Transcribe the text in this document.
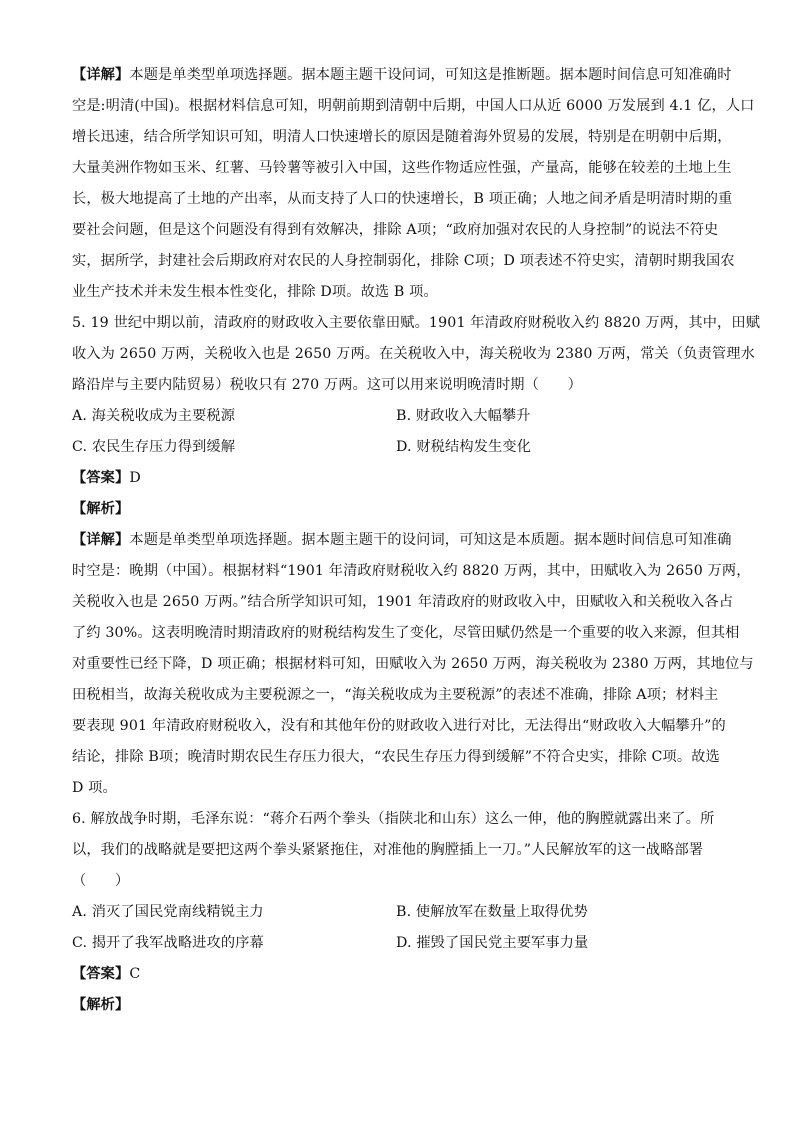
【详解】本题是单类型单项选择题。据本题主题干设问词，可知这是推断题。据本题时间信息可知准确时
空是:明清(中国)。根据材料信息可知，明朝前期到清朝中后期，中国人口从近 6000 万发展到 4.1 亿，人口
增长迅速，结合所学知识可知，明清人口快速增长的原因是随着海外贸易的发展，特别是在明朝中后期，
大量美洲作物如玉米、红薯、马铃薯等被引入中国，这些作物适应性强，产量高，能够在较差的土地上生
长，极大地提高了土地的产出率，从而支持了人口的快速增长，B 项正确；人地之间矛盾是明清时期的重
要社会问题，但是这个问题没有得到有效解决，排除 A项；“政府加强对农民的人身控制”的说法不符史
实，据所学，封建社会后期政府对农民的人身控制弱化，排除 C项；D 项表述不符史实，清朝时期我国农
业生产技术并未发生根本性变化，排除 D项。故选 B 项。
5. 19 世纪中期以前，清政府的财政收入主要依靠田赋。1901 年清政府财税收入约 8820 万两，其中，田赋
收入为 2650 万两，关税收入也是 2650 万两。在关税收入中，海关税收为 2380 万两，常关（负责管理水
路沿岸与主要内陆贸易）税收只有 270 万两。这可以用来说明晚清时期（　　）
A. 海关税收成为主要税源	B. 财政收入大幅攀升
C. 农民生存压力得到缓解	D. 财税结构发生变化
【答案】D
【解析】
【详解】本题是单类型单项选择题。据本题主题干的设问词，可知这是本质题。据本题时间信息可知准确
时空是：晚期（中国）。根据材料“1901 年清政府财税收入约 8820 万两，其中，田赋收入为 2650 万两，
关税收入也是 2650 万两。”结合所学知识可知，1901 年清政府的财政收入中，田赋收入和关税收入各占
了约 30%。这表明晚清时期清政府的财税结构发生了变化，尽管田赋仍然是一个重要的收入来源，但其相
对重要性已经下降，D 项正确；根据材料可知，田赋收入为 2650 万两，海关税收为 2380 万两，其地位与
田税相当，故海关税收成为主要税源之一，“海关税收成为主要税源”的表述不准确，排除 A项；材料主
要表现 901 年清政府财税收入，没有和其他年份的财政收入进行对比，无法得出“财政收入大幅攀升”的
结论，排除 B项；晚清时期农民生存压力很大，“农民生存压力得到缓解”不符合史实，排除 C项。故选
D 项。
6. 解放战争时期，毛泽东说：“蒋介石两个拳头（指陕北和山东）这么一伸，他的胸膛就露出来了。所
以，我们的战略就是要把这两个拳头紧紧拖住，对准他的胸膛插上一刀。”人民解放军的这一战略部署
（　　）
A. 消灭了国民党南线精锐主力	B. 使解放军在数量上取得优势
C. 揭开了我军战略进攻的序幕	D. 摧毁了国民党主要军事力量
【答案】C
【解析】
